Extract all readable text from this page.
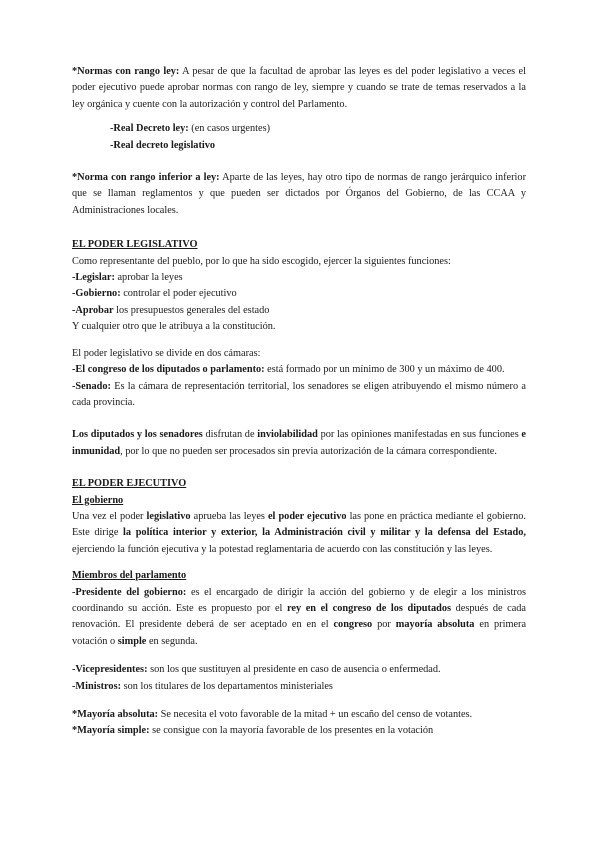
*Normas con rango ley: A pesar de que la facultad de aprobar las leyes es del poder legislativo a veces el poder ejecutivo puede aprobar normas con rango de ley, siempre y cuando se trate de temas reservados a la ley orgánica y cuente con la autorización y control del Parlamento.

-Real Decreto ley: (en casos urgentes)

-Real decreto legislativo

*Norma con rango inferior a ley: Aparte de las leyes, hay otro tipo de normas de rango jerárquico inferior que se llaman reglamentos y que pueden ser dictados por Órganos del Gobierno, de las CCAA y Administraciones locales.

EL PODER LEGISLATIVO

Como representante del pueblo, por lo que ha sido escogido, ejercer la siguientes funciones:

-Legislar: aprobar la leyes

-Gobierno: controlar el poder ejecutivo

-Aprobar los presupuestos generales del estado

Y cualquier otro que le atribuya a la constitución.

El poder legislativo se divide en dos cámaras:

-El congreso de los diputados o parlamento: está formado por un mínimo de 300 y un máximo de 400.

-Senado: Es la cámara de representación territorial, los senadores se eligen atribuyendo el mismo número a cada provincia.

Los diputados y los senadores disfrutan de inviolabilidad por las opiniones manifestadas en sus funciones e inmunidad, por lo que no pueden ser procesados sin previa autorización de la cámara correspondiente.

EL PODER EJECUTIVO

El gobierno

Una vez el poder legislativo aprueba las leyes el poder ejecutivo las pone en práctica mediante el gobierno. Este dirige la política interior y exterior, la Administración civil y militar y la defensa del Estado, ejerciendo la función ejecutiva y la potestad reglamentaria de acuerdo con las constitución y las leyes.

Miembros del parlamento

-Presidente del gobierno: es el encargado de dirigir la acción del gobierno y de elegir a los ministros coordinando su acción. Este es propuesto por el rey en el congreso de los diputados después de cada renovación. El presidente deberá de ser aceptado en en el congreso por mayoría absoluta en primera votación o simple en segunda.

-Vicepresidentes: son los que sustituyen al presidente en caso de ausencia o enfermedad.

-Ministros: son los titulares de los departamentos ministeriales

*Mayoría absoluta: Se necesita el voto favorable de la mitad + un escaño del censo de votantes.

*Mayoría simple: se consigue con la mayoría favorable de los presentes en la votación
